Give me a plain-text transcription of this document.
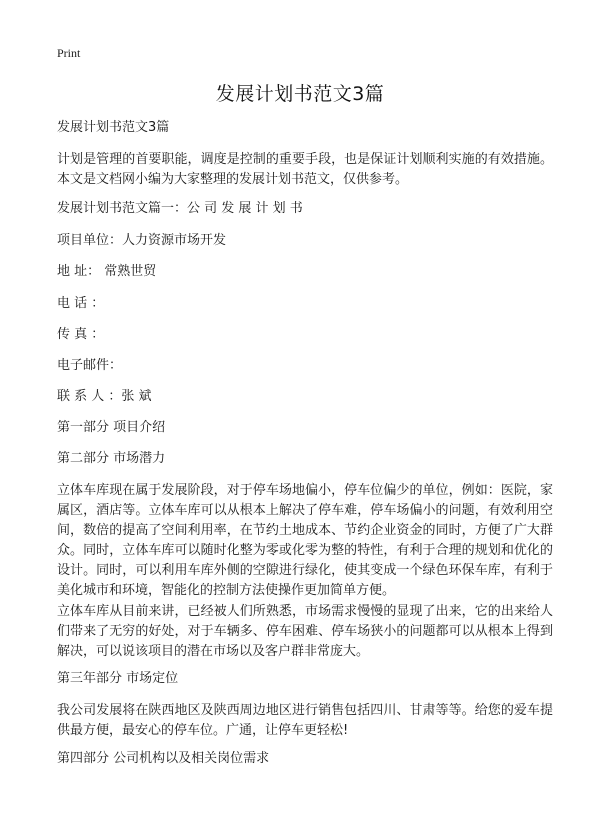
Print
发展计划书范文3篇

发展计划书范文3篇

计划是管理的首要职能，调度是控制的重要手段，也是保证计划顺利实施的有效措施。本文是文档网小编为大家整理的发展计划书范文，仅供参考。

发展计划书范文篇一：公 司 发 展 计 划 书

项目单位：人力资源市场开发

地 址： 常熟世贸

电 话 ：

传 真 ：

电子邮件：

联 系 人 ：张 斌

第一部分 项目介绍

第二部分 市场潜力

立体车库现在属于发展阶段，对于停车场地偏小，停车位偏少的单位，例如：医院，家属区，酒店等。立体车库可以从根本上解决了停车难，停车场偏小的问题，有效利用空间，数倍的提高了空间利用率，在节约土地成本、节约企业资金的同时，方便了广大群众。同时，立体车库可以随时化整为零或化零为整的特性，有利于合理的规划和优化的设计。同时，可以利用车库外侧的空隙进行绿化，使其变成一个绿色环保车库，有利于美化城市和环境，智能化的控制方法使操作更加简单方便。

立体车库从目前来讲，已经被人们所熟悉，市场需求慢慢的显现了出来，它的出来给人们带来了无穷的好处，对于车辆多、停车困难、停车场狭小的问题都可以从根本上得到解决，可以说该项目的潜在市场以及客户群非常庞大。

第三年部分 市场定位

我公司发展将在陕西地区及陕西周边地区进行销售包括四川、甘肃等等。给您的爱车提供最方便，最安心的停车位。广通，让停车更轻松!

第四部分 公司机构以及相关岗位需求
